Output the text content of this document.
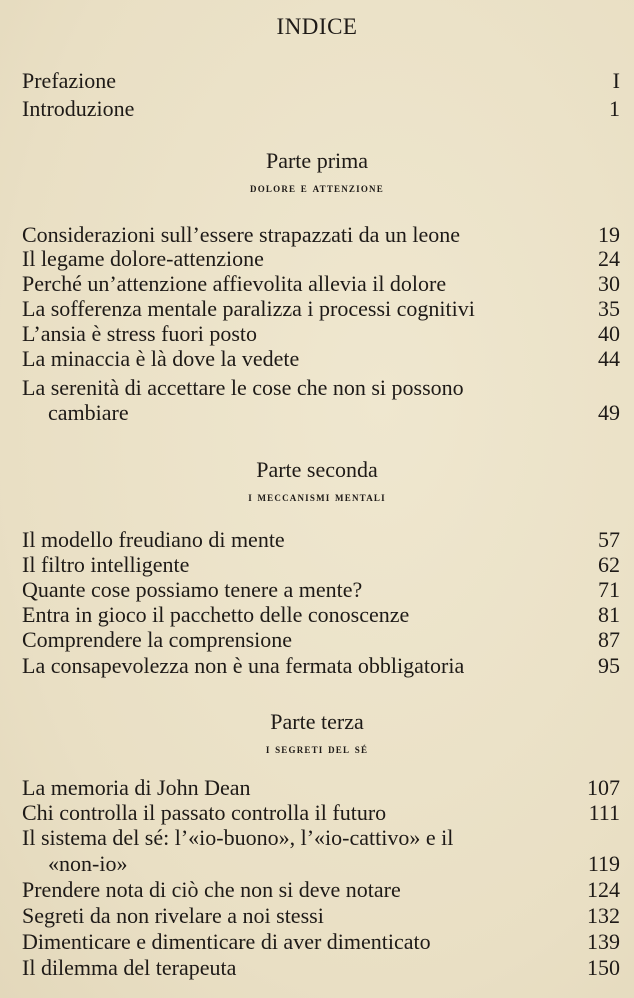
INDICE
Prefazione	I
Introduzione	1
Parte prima
dolore e attenzione
Considerazioni sull’essere strapazzati da un leone	19
Il legame dolore-attenzione	24
Perché un’attenzione affievolita allevia il dolore	30
La sofferenza mentale paralizza i processi cognitivi	35
L’ansia è stress fuori posto	40
La minaccia è là dove la vedete	44
La serenità di accettare le cose che non si possono
cambiare	49
Parte seconda
i meccanismi mentali
Il modello freudiano di mente	57
Il filtro intelligente	62
Quante cose possiamo tenere a mente?	71
Entra in gioco il pacchetto delle conoscenze	81
Comprendere la comprensione	87
La consapevolezza non è una fermata obbligatoria	95
Parte terza
i segreti del sé
La memoria di John Dean	107
Chi controlla il passato controlla il futuro	111
Il sistema del sé: l’«io-buono», l’«io-cattivo» e il
«non-io»	119
Prendere nota di ciò che non si deve notare	124
Segreti da non rivelare a noi stessi	132
Dimenticare e dimenticare di aver dimenticato	139
Il dilemma del terapeuta	150
